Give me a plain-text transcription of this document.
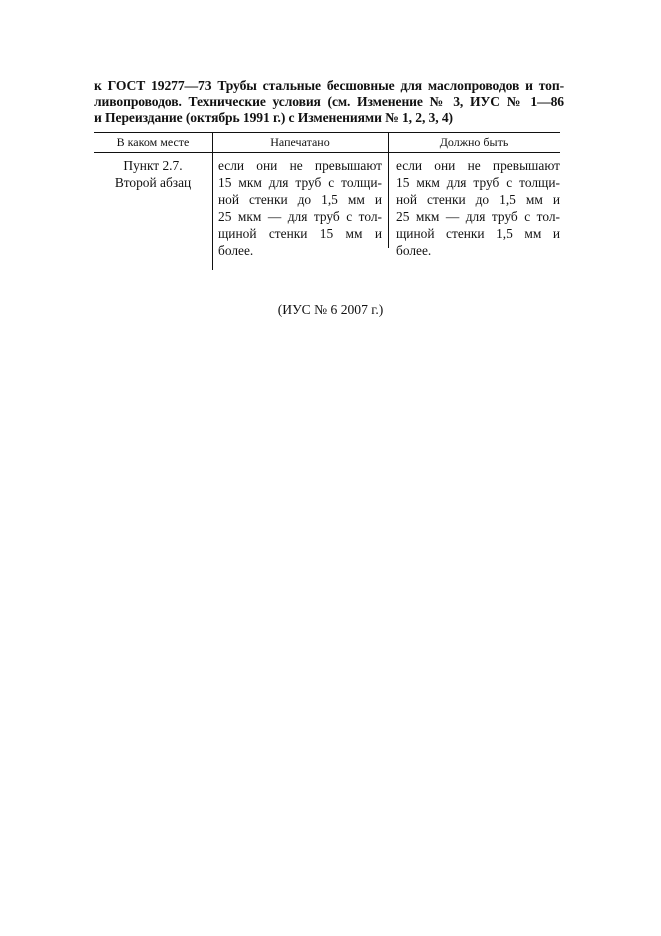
к ГОСТ 19277—73 Трубы стальные бесшовные для маслопроводов и топ-
ливопроводов. Технические условия (см. Изменение № 3, ИУС № 1—86
и Переиздание (октябрь 1991 г.) с Изменениями № 1, 2, 3, 4)

В каком месте	Напечатано	Должно быть
Пункт 2.7.
Второй абзац
если они не превышают
15 мкм для труб с толщи-
ной стенки до 1,5 мм и
25 мкм — для труб с тол-
щиной стенки 15 мм и
более.
если они не превышают
15 мкм для труб с толщи-
ной стенки до 1,5 мм и
25 мкм — для труб с тол-
щиной стенки 1,5 мм и
более.
(ИУС № 6 2007 г.)
